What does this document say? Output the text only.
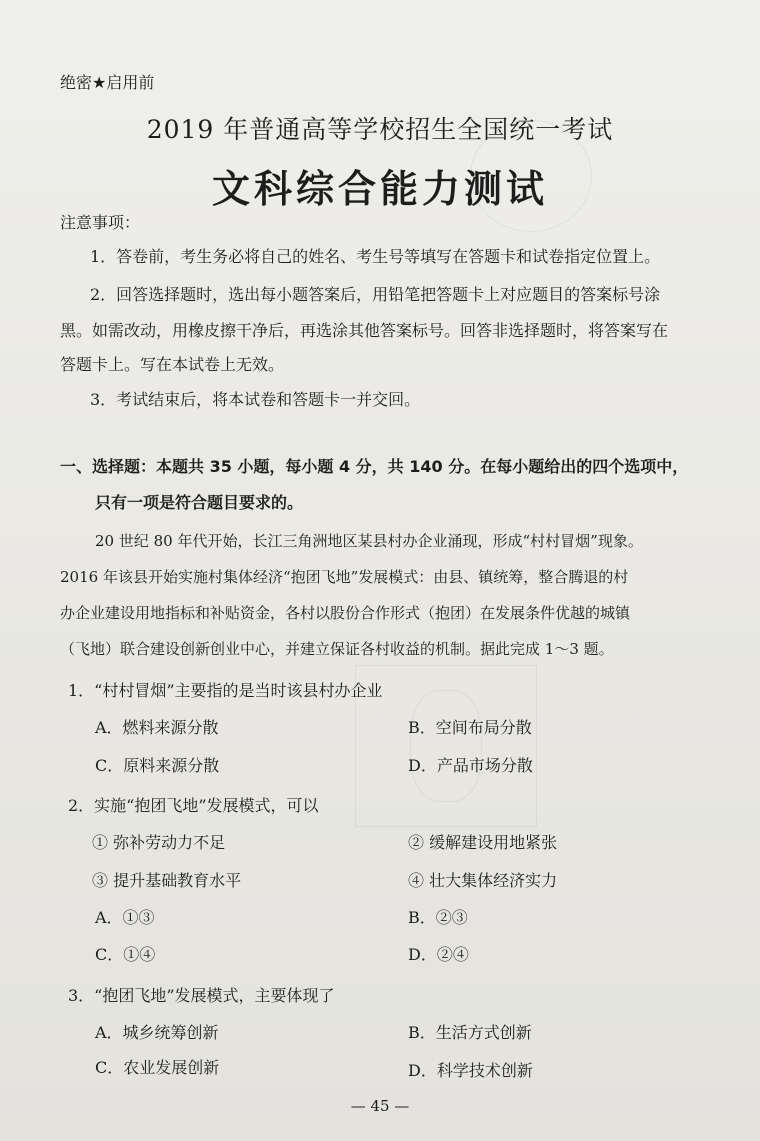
绝密★启用前
2019 年普通高等学校招生全国统一考试
文科综合能力测试
注意事项：
1．答卷前，考生务必将自己的姓名、考生号等填写在答题卡和试卷指定位置上。
2．回答选择题时，选出每小题答案后，用铅笔把答题卡上对应题目的答案标号涂
黑。如需改动，用橡皮擦干净后，再选涂其他答案标号。回答非选择题时，将答案写在
答题卡上。写在本试卷上无效。
3．考试结束后，将本试卷和答题卡一并交回。
一、选择题：本题共 35 小题，每小题 4 分，共 140 分。在每小题给出的四个选项中，
只有一项是符合题目要求的。
20 世纪 80 年代开始，长江三角洲地区某县村办企业涌现，形成“村村冒烟”现象。
2016 年该县开始实施村集体经济“抱团飞地”发展模式：由县、镇统筹，整合腾退的村
办企业建设用地指标和补贴资金，各村以股份合作形式（抱团）在发展条件优越的城镇
（飞地）联合建设创新创业中心，并建立保证各村收益的机制。据此完成 1～3 题。
1．“村村冒烟”主要指的是当时该县村办企业
A．燃料来源分散	B．空间布局分散
C．原料来源分散	D．产品市场分散
2．实施“抱团飞地”发展模式，可以
① 弥补劳动力不足	② 缓解建设用地紧张
③ 提升基础教育水平	④ 壮大集体经济实力
A．①③	B．②③
C．①④	D．②④
3．“抱团飞地”发展模式，主要体现了
A．城乡统筹创新	B．生活方式创新
C．农业发展创新	D．科学技术创新
— 45 —
